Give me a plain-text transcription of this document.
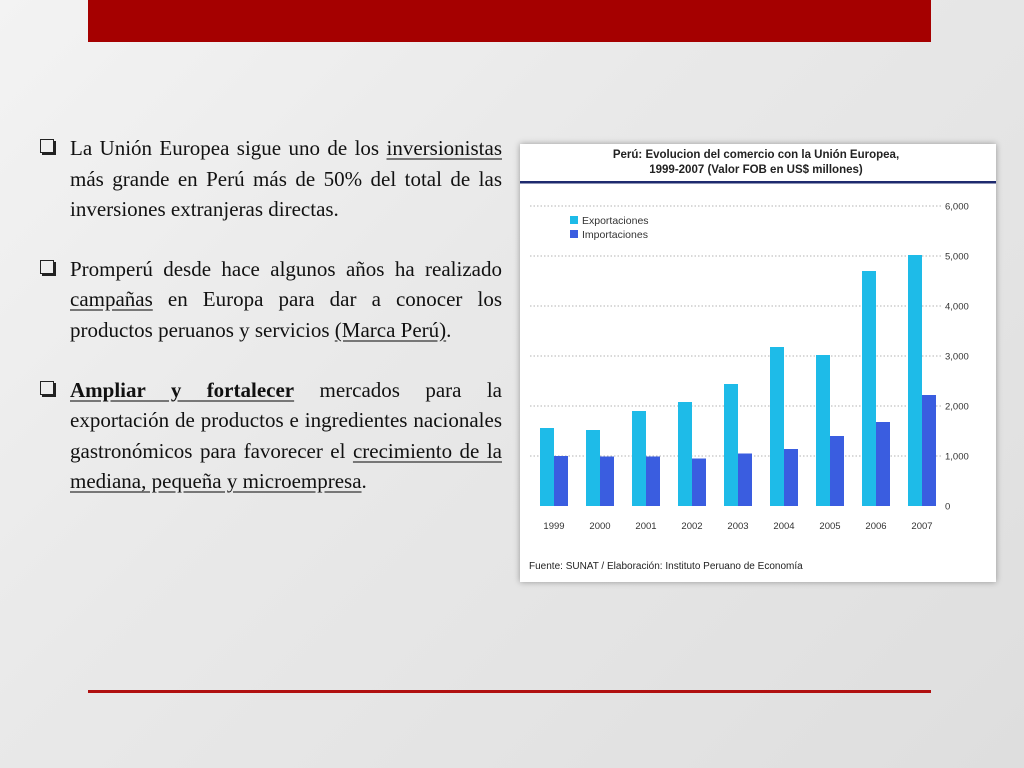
La Unión Europea sigue uno de los inversionistas más grande en Perú más de 50% del total de las inversiones extranjeras directas.
Promperú desde hace algunos años ha realizado campañas en Europa para dar a conocer los productos peruanos y servicios (Marca Perú).
Ampliar y fortalecer mercados para la exportación de productos e ingredientes nacionales gastronómicos para favorecer el crecimiento de la mediana, pequeña y microempresa.
Perú: Evolucion del comercio con la Unión Europea,
1999-2007 (Valor FOB en US$ millones)
0
1,000
2,000
3,000
4,000
5,000
6,000
1999	2000	2001	2002	2003	2004	2005	2006	2007
Exportaciones
Importaciones
Fuente: SUNAT / Elaboración: Instituto Peruano de Economía
